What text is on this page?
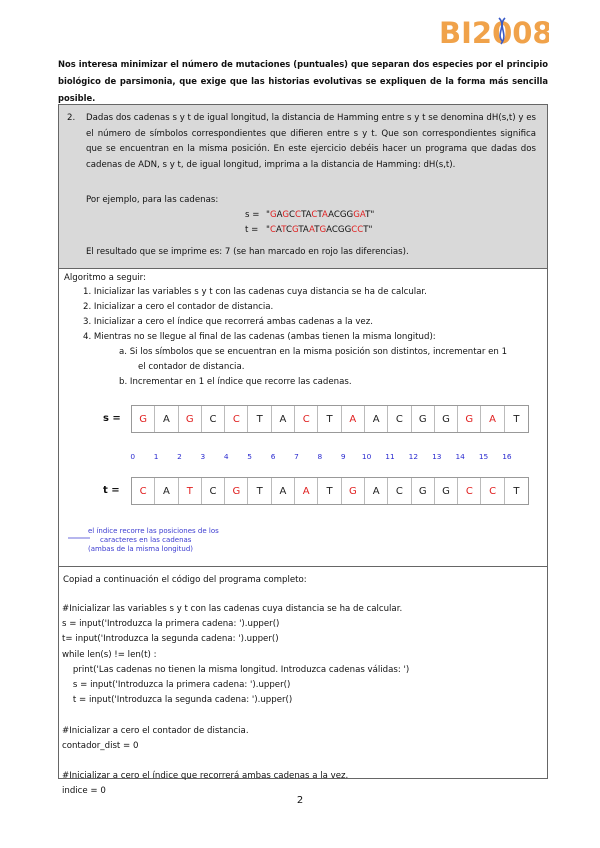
BI2008
Nos interesa minimizar el número de mutaciones (puntuales) que separan dos especies por el principio biológico de parsimonia, que exige que las historias evolutivas se expliquen de la forma más sencilla posible.
2. Dadas dos cadenas s y t de igual longitud, la distancia de Hamming entre s y t se denomina dH(s,t) y es el número de símbolos correspondientes que difieren entre s y t. Que son correspondientes significa que se encuentran en la misma posición. En este ejercicio debéis hacer un programa que dadas dos cadenas de ADN, s y t, de igual longitud, imprima a la distancia de Hamming: dH(s,t).
Por ejemplo, para las cadenas:
s = "GAGCCTACTAACGGGAT"
t = "CATCGTAATGACGGCCT"
El resultado que se imprime es: 7 (se han marcado en rojo las diferencias).
Algoritmo a seguir:
1. Inicializar las variables s y t con las cadenas cuya distancia se ha de calcular.
2. Inicializar a cero el contador de distancia.
3. Inicializar a cero el índice que recorrerá ambas cadenas a la vez.
4. Mientras no se llegue al final de las cadenas (ambas tienen la misma longitud):
a. Si los símbolos que se encuentran en la misma posición son distintos, incrementar en 1
el contador de distancia.
b. Incrementar en 1 el índice que recorre las cadenas.
s =	G	A	G	C	C	T	A	C	T	A	A	C	G	G	G	A	T
0	1	2	3	4	5	6	7	8	9	10	11	12	13	14	15	16
t =	C	A	T	C	G	T	A	A	T	G	A	C	G	G	C	C	T
el índice recorre las posiciones de los
caracteres en las cadenas
(ambas de la misma longitud)
Copiad a continuación el código del programa completo:
#Inicializar las variables s y t con las cadenas cuya distancia se ha de calcular.
s = input('Introduzca la primera cadena: ').upper()
t= input('Introduzca la segunda cadena: ').upper()
while len(s) != len(t) :
print('Las cadenas no tienen la misma longitud. Introduzca cadenas válidas: ')
s = input('Introduzca la primera cadena: ').upper()
t = input('Introduzca la segunda cadena: ').upper()
#Inicializar a cero el contador de distancia.
contador_dist = 0
#Inicializar a cero el índice que recorrerá ambas cadenas a la vez.
indice = 0
2
